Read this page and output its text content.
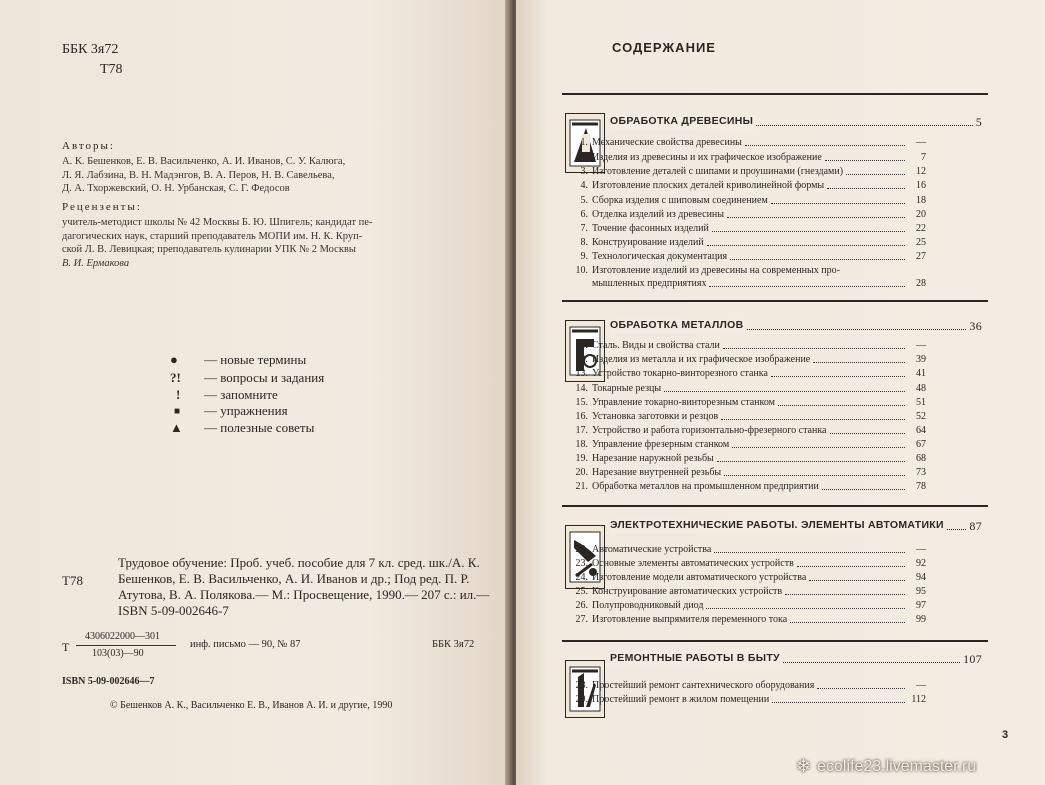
ББК 3я72
Т78
Авторы:
А. К. Бешенков, Е. В. Васильченко, А. И. Иванов, С. У. Калюга,
Л. Я. Лабзина, В. Н. Мадэнгов, В. А. Перов, Н. В. Савельева,
Д. А. Тхоржевский, О. Н. Урбанская, С. Г. Федосов
Рецензенты:
учитель-методист школы № 42 Москвы Б. Ю. Шпигель; кандидат пе-
дагогических наук, старший преподаватель МОПИ им. Н. К. Круп-
ской Л. В. Левицкая; преподаватель кулинарии УПК № 2 Москвы
В. И. Ермакова
●	— новые термины
?!	— вопросы и задания
!	— запомните
■	— упражнения
▲	— полезные советы
Трудовое обучение: Проб. учеб. пособие для 7 кл. сред. шк./А. К. Бешенков, Е. В. Васильченко, А. И. Иванов и др.; Под ред. П. Р. Атутова, В. А. Полякова.— М.: Просвещение, 1990.— 207 с.: ил.— ISBN 5-09-002646-7
Т78
Т
4306022000—301
103(03)—90
инф. письмо — 90, № 87	ББК 3я72
ISBN 5-09-002646—7
© Бешенков А. К., Васильченко Е. В., Иванов А. И. и другие, 1990
СОДЕРЖАНИЕ
ОБРАБОТКА ДРЕВЕСИНЫ	5
1. Механические свойства древесины	—
2. Изделия из древесины и их графическое изображение	7
3. Изготовление деталей с шипами и проушинами (гнездами)	12
4. Изготовление плоских деталей криволинейной формы	16
5. Сборка изделия с шиповым соединением	18
6. Отделка изделий из древесины	20
7. Точение фасонных изделий	22
8. Конструирование изделий	25
9. Технологическая документация	27
10. Изготовление изделий из древесины на современных про-
мышленных предприятиях	28
ОБРАБОТКА МЕТАЛЛОВ	36
11. Сталь. Виды и свойства стали	—
12. Изделия из металла и их графическое изображение	39
13. Устройство токарно-винторезного станка	41
14. Токарные резцы	48
15. Управление токарно-винторезным станком	51
16. Установка заготовки и резцов	52
17. Устройство и работа горизонтально-фрезерного станка	64
18. Управление фрезерным станком	67
19. Нарезание наружной резьбы	68
20. Нарезание внутренней резьбы	73
21. Обработка металлов на промышленном предприятии	78
ЭЛЕКТРОТЕХНИЧЕСКИЕ РАБОТЫ. ЭЛЕМЕНТЫ АВТОМАТИКИ 87
22. Автоматические устройства	—
23. Основные элементы автоматических устройств	92
24. Изготовление модели автоматического устройства	94
25. Конструирование автоматических устройств	95
26. Полупроводниковый диод	97
27. Изготовление выпрямителя переменного тока	99
РЕМОНТНЫЕ РАБОТЫ В БЫТУ	107
28. Простейший ремонт сантехнического оборудования	—
29. Простейший ремонт в жилом помещении	112
3
❄ ecolife23.livemaster.ru
